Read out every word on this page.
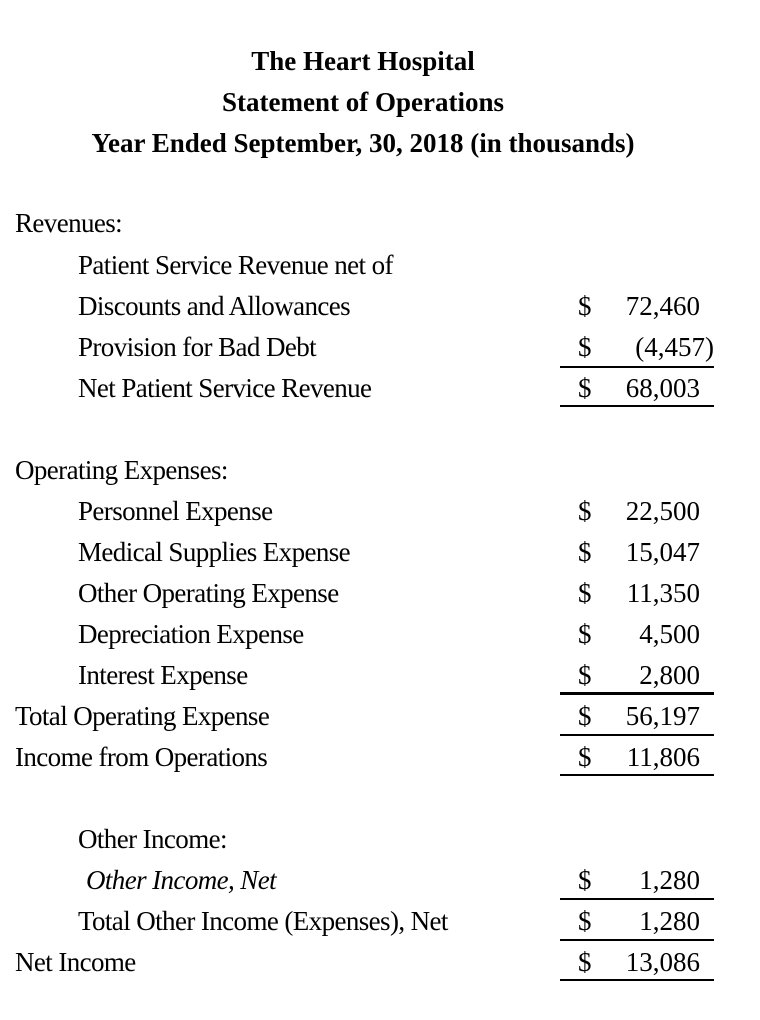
The Heart Hospital
Statement of Operations
Year Ended September, 30, 2018 (in thousands)
Revenues:
Patient Service Revenue net of
Discounts and Allowances	$ 72,460
Provision for Bad Debt	$ (4,457)
Net Patient Service Revenue	$ 68,003
Operating Expenses:
Personnel Expense	$ 22,500
Medical Supplies Expense	$ 15,047
Other Operating Expense	$ 11,350
Depreciation Expense	$ 4,500
Interest Expense	$ 2,800
Total Operating Expense	$ 56,197
Income from Operations	$ 11,806
Other Income:
Other Income, Net	$ 1,280
Total Other Income (Expenses), Net	$ 1,280
Net Income	$ 13,086
